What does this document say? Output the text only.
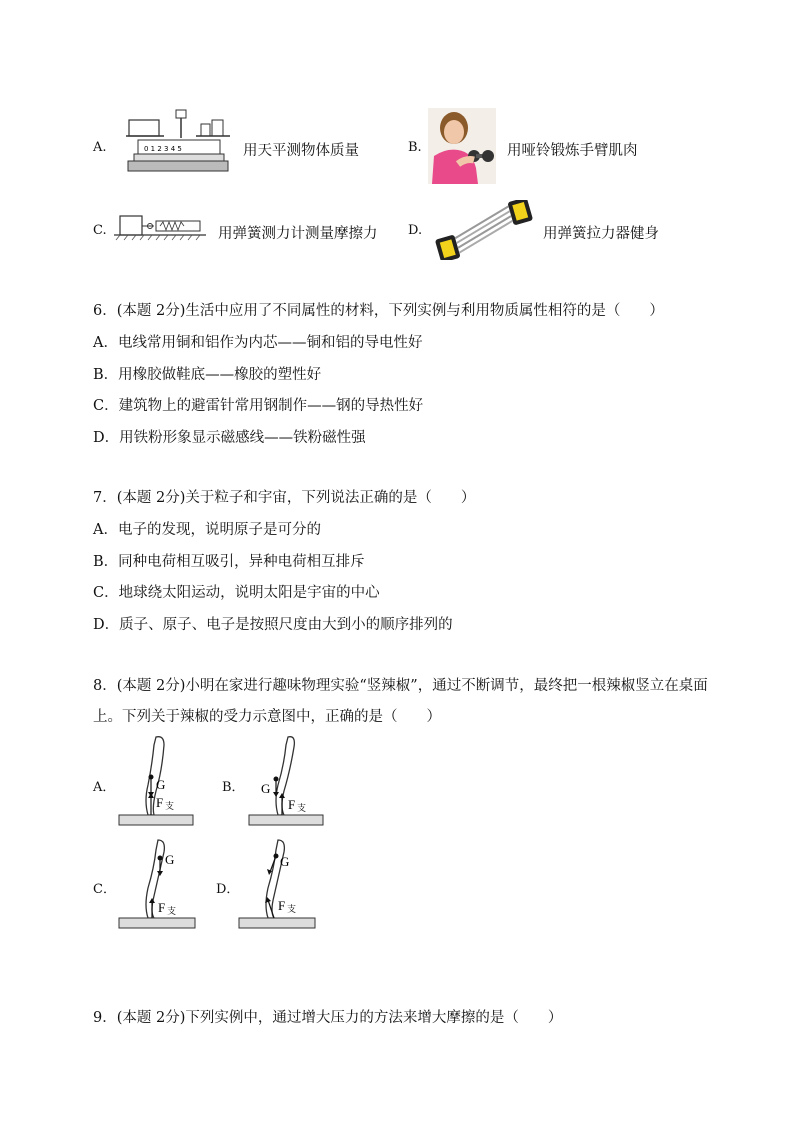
A.	0 1 2 3 4 5	用天平测物体质量	B.	用哑铃锻炼手臂肌肉
C.	用弹簧测力计测量摩擦力 D.	用弹簧拉力器健身
6．(本题 2分)生活中应用了不同属性的材料，下列实例与利用物质属性相符的是（　　）
A．电线常用铜和铝作为内芯——铜和铝的导电性好
B．用橡胶做鞋底——橡胶的塑性好
C．建筑物上的避雷针常用钢制作——钢的导热性好
D．用铁粉形象显示磁感线——铁粉磁性强
7．(本题 2分)关于粒子和宇宙，下列说法正确的是（　　）
A．电子的发现，说明原子是可分的
B．同种电荷相互吸引，异种电荷相互排斥
C．地球绕太阳运动，说明太阳是宇宙的中心
D．质子、原子、电子是按照尺度由大到小的顺序排列的
8．(本题 2分)小明在家进行趣味物理实验“竖辣椒”，通过不断调节，最终把一根辣椒竖立在桌面
上。下列关于辣椒的受力示意图中，正确的是（　　）
A．	G
F 支
B． G
F 支
C．
G
F 支
D．
G
F 支
9．(本题 2分)下列实例中，通过增大压力的方法来增大摩擦的是（　　）
